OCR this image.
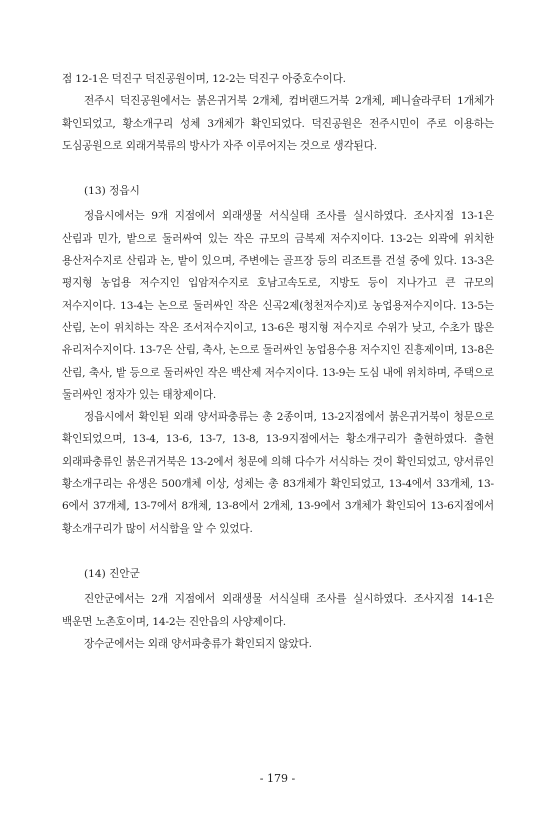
점 12-1은 덕진구 덕진공원이며, 12-2는 덕진구 아중호수이다.

전주시 덕진공원에서는 붉은귀거북 2개체, 컴버랜드거북 2개체, 페니슐라쿠터 1개체가 확인되었고, 황소개구리 성체 3개체가 확인되었다. 덕진공원은 전주시민이 주로 이용하는 도심공원으로 외래거북류의 방사가 자주 이루어지는 것으로 생각된다.

(13) 정읍시

정읍시에서는 9개 지점에서 외래생물 서식실태 조사를 실시하였다. 조사지점 13-1은 산림과 민가, 밭으로 둘러싸여 있는 작은 규모의 금복제 저수지이다. 13-2는 외곽에 위치한 용산저수지로 산림과 논, 밭이 있으며, 주변에는 골프장 등의 리조트를 건설 중에 있다. 13-3은 평지형 농업용 저수지인 입암저수지로 호남고속도로, 지방도 등이 지나가고 큰 규모의 저수지이다. 13-4는 논으로 둘러싸인 작은 신곡2제(청천저수지)로 농업용저수지이다. 13-5는 산림, 논이 위치하는 작은 조서저수지이고, 13-6은 평지형 저수지로 수위가 낮고, 수초가 많은 유리저수지이다. 13-7은 산림, 축사, 논으로 둘러싸인 농업용수용 저수지인 진흥제이며, 13-8은 산림, 축사, 밭 등으로 둘러싸인 작은 백산제 저수지이다. 13-9는 도심 내에 위치하며, 주택으로 둘러싸인 정자가 있는 태창제이다.

정읍시에서 확인된 외래 양서파충류는 총 2종이며, 13-2지점에서 붉은귀거북이 청문으로 확인되었으며, 13-4, 13-6, 13-7, 13-8, 13-9지점에서는 황소개구리가 출현하였다. 출현 외래파충류인 붉은귀거북은 13-2에서 청문에 의해 다수가 서식하는 것이 확인되었고, 양서류인 황소개구리는 유생은 500개체 이상, 성체는 총 83개체가 확인되었고, 13-4에서 33개체, 13-6에서 37개체, 13-7에서 8개체, 13-8에서 2개체, 13-9에서 3개체가 확인되어 13-6지점에서 황소개구리가 많이 서식함을 알 수 있었다.

(14) 진안군

진안군에서는 2개 지점에서 외래생물 서식실태 조사를 실시하였다. 조사지점 14-1은 백운면 노촌호이며, 14-2는 진안읍의 사양제이다.

장수군에서는 외래 양서파충류가 확인되지 않았다.

- 179 -
